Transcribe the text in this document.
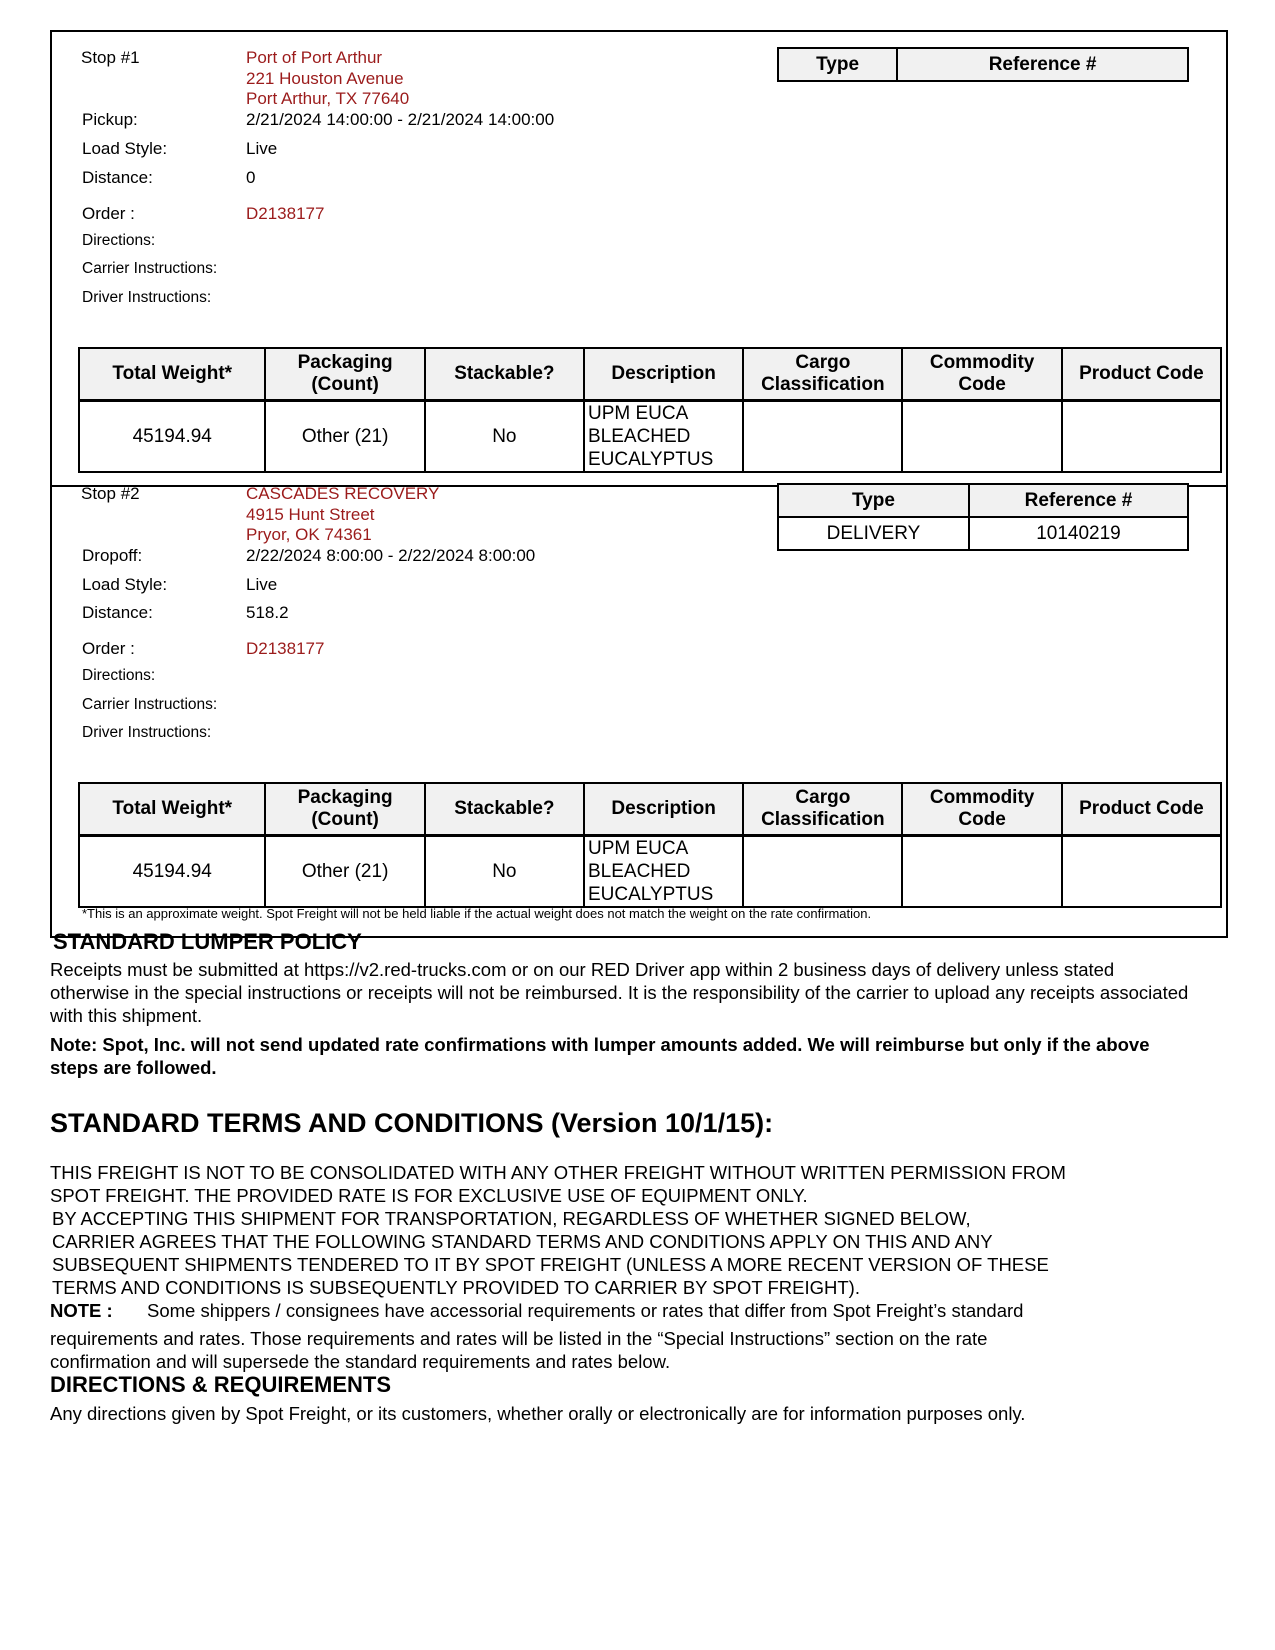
Stop #1	Port of Port Arthur
221 Houston Avenue
Port Arthur, TX 77640
Pickup:	2/21/2024 14:00:00 - 2/21/2024 14:00:00
Load Style:	Live
Distance:	0
Order :	D2138177
Directions:
Carrier Instructions:
Driver Instructions:
Type	Reference #
Total Weight*	Packaging (Count)	Stackable?	Description	Cargo Classification	Commodity Code	Product Code
45194.94	Other (21)	No	UPM EUCA
BLEACHED
EUCALYPTUS			

Stop #2	CASCADES RECOVERY
4915 Hunt Street
Pryor, OK 74361
Dropoff:	2/22/2024 8:00:00 - 2/22/2024 8:00:00
Load Style:	Live
Distance:	518.2
Order :	D2138177
Directions:
Carrier Instructions:
Driver Instructions:
Type	Reference #
DELIVERY	10140219
Total Weight*	Packaging (Count)	Stackable?	Description	Cargo Classification	Commodity Code	Product Code
45194.94	Other (21)	No	UPM EUCA
BLEACHED
EUCALYPTUS			

*This is an approximate weight. Spot Freight will not be held liable if the actual weight does not match the weight on the rate confirmation.
STANDARD LUMPER POLICY
Receipts must be submitted at https://v2.red-trucks.com or on our RED Driver app within 2 business days of delivery unless stated otherwise in the special instructions or receipts will not be reimbursed. It is the responsibility of the carrier to upload any receipts associated with this shipment.
Note: Spot, Inc. will not send updated rate confirmations with lumper amounts added. We will reimburse but only if the above steps are followed.
STANDARD TERMS AND CONDITIONS (Version 10/1/15):
THIS FREIGHT IS NOT TO BE CONSOLIDATED WITH ANY OTHER FREIGHT WITHOUT WRITTEN PERMISSION FROM
SPOT FREIGHT. THE PROVIDED RATE IS FOR EXCLUSIVE USE OF EQUIPMENT ONLY.
BY ACCEPTING THIS SHIPMENT FOR TRANSPORTATION, REGARDLESS OF WHETHER SIGNED BELOW,
CARRIER AGREES THAT THE FOLLOWING STANDARD TERMS AND CONDITIONS APPLY ON THIS AND ANY
SUBSEQUENT SHIPMENTS TENDERED TO IT BY SPOT FREIGHT (UNLESS A MORE RECENT VERSION OF THESE
TERMS AND CONDITIONS IS SUBSEQUENTLY PROVIDED TO CARRIER BY SPOT FREIGHT).
NOTE : Some shippers / consignees have accessorial requirements or rates that differ from Spot Freight’s standard
requirements and rates. Those requirements and rates will be listed in the “Special Instructions” section on the rate
confirmation and will supersede the standard requirements and rates below.
DIRECTIONS & REQUIREMENTS
Any directions given by Spot Freight, or its customers, whether orally or electronically are for information purposes only.
